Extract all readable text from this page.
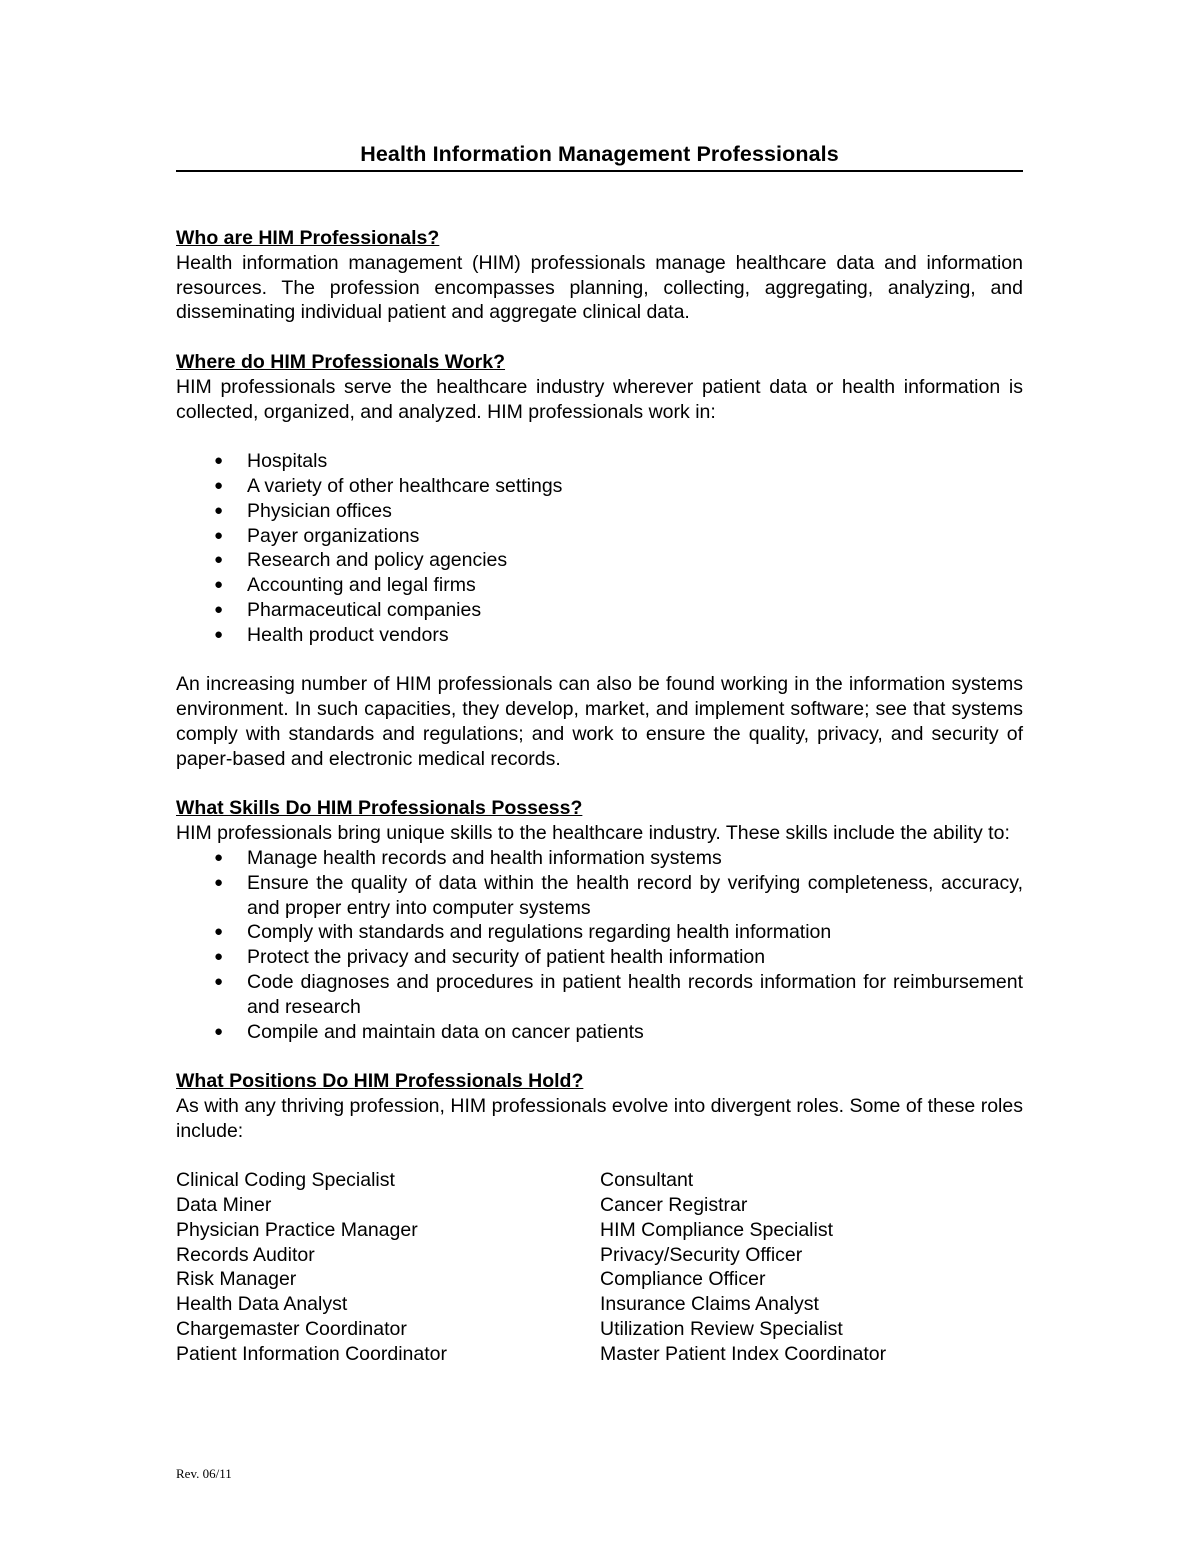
Health Information Management Professionals
Who are HIM Professionals?

Health information management (HIM) professionals manage healthcare data and information resources. The profession encompasses planning, collecting, aggregating, analyzing, and disseminating individual patient and aggregate clinical data.

Where do HIM Professionals Work?

HIM professionals serve the healthcare industry wherever patient data or health information is collected, organized, and analyzed. HIM professionals work in:

● Hospitals
● A variety of other healthcare settings
● Physician offices
● Payer organizations
● Research and policy agencies
● Accounting and legal firms
● Pharmaceutical companies
● Health product vendors

An increasing number of HIM professionals can also be found working in the information systems environment. In such capacities, they develop, market, and implement software; see that systems comply with standards and regulations; and work to ensure the quality, privacy, and security of paper-based and electronic medical records.

What Skills Do HIM Professionals Possess?

HIM professionals bring unique skills to the healthcare industry. These skills include the ability to:

● Manage health records and health information systems
● Ensure the quality of data within the health record by verifying completeness, accuracy, and proper entry into computer systems
● Comply with standards and regulations regarding health information
● Protect the privacy and security of patient health information
● Code diagnoses and procedures in patient health records information for reimbursement and research
● Compile and maintain data on cancer patients
What Positions Do HIM Professionals Hold?

As with any thriving profession, HIM professionals evolve into divergent roles. Some of these roles include:

Clinical Coding Specialist
Data Miner
Physician Practice Manager
Records Auditor
Risk Manager
Health Data Analyst
Chargemaster Coordinator
Patient Information Coordinator
Consultant
Cancer Registrar
HIM Compliance Specialist
Privacy/Security Officer
Compliance Officer
Insurance Claims Analyst
Utilization Review Specialist
Master Patient Index Coordinator
Rev. 06/11
